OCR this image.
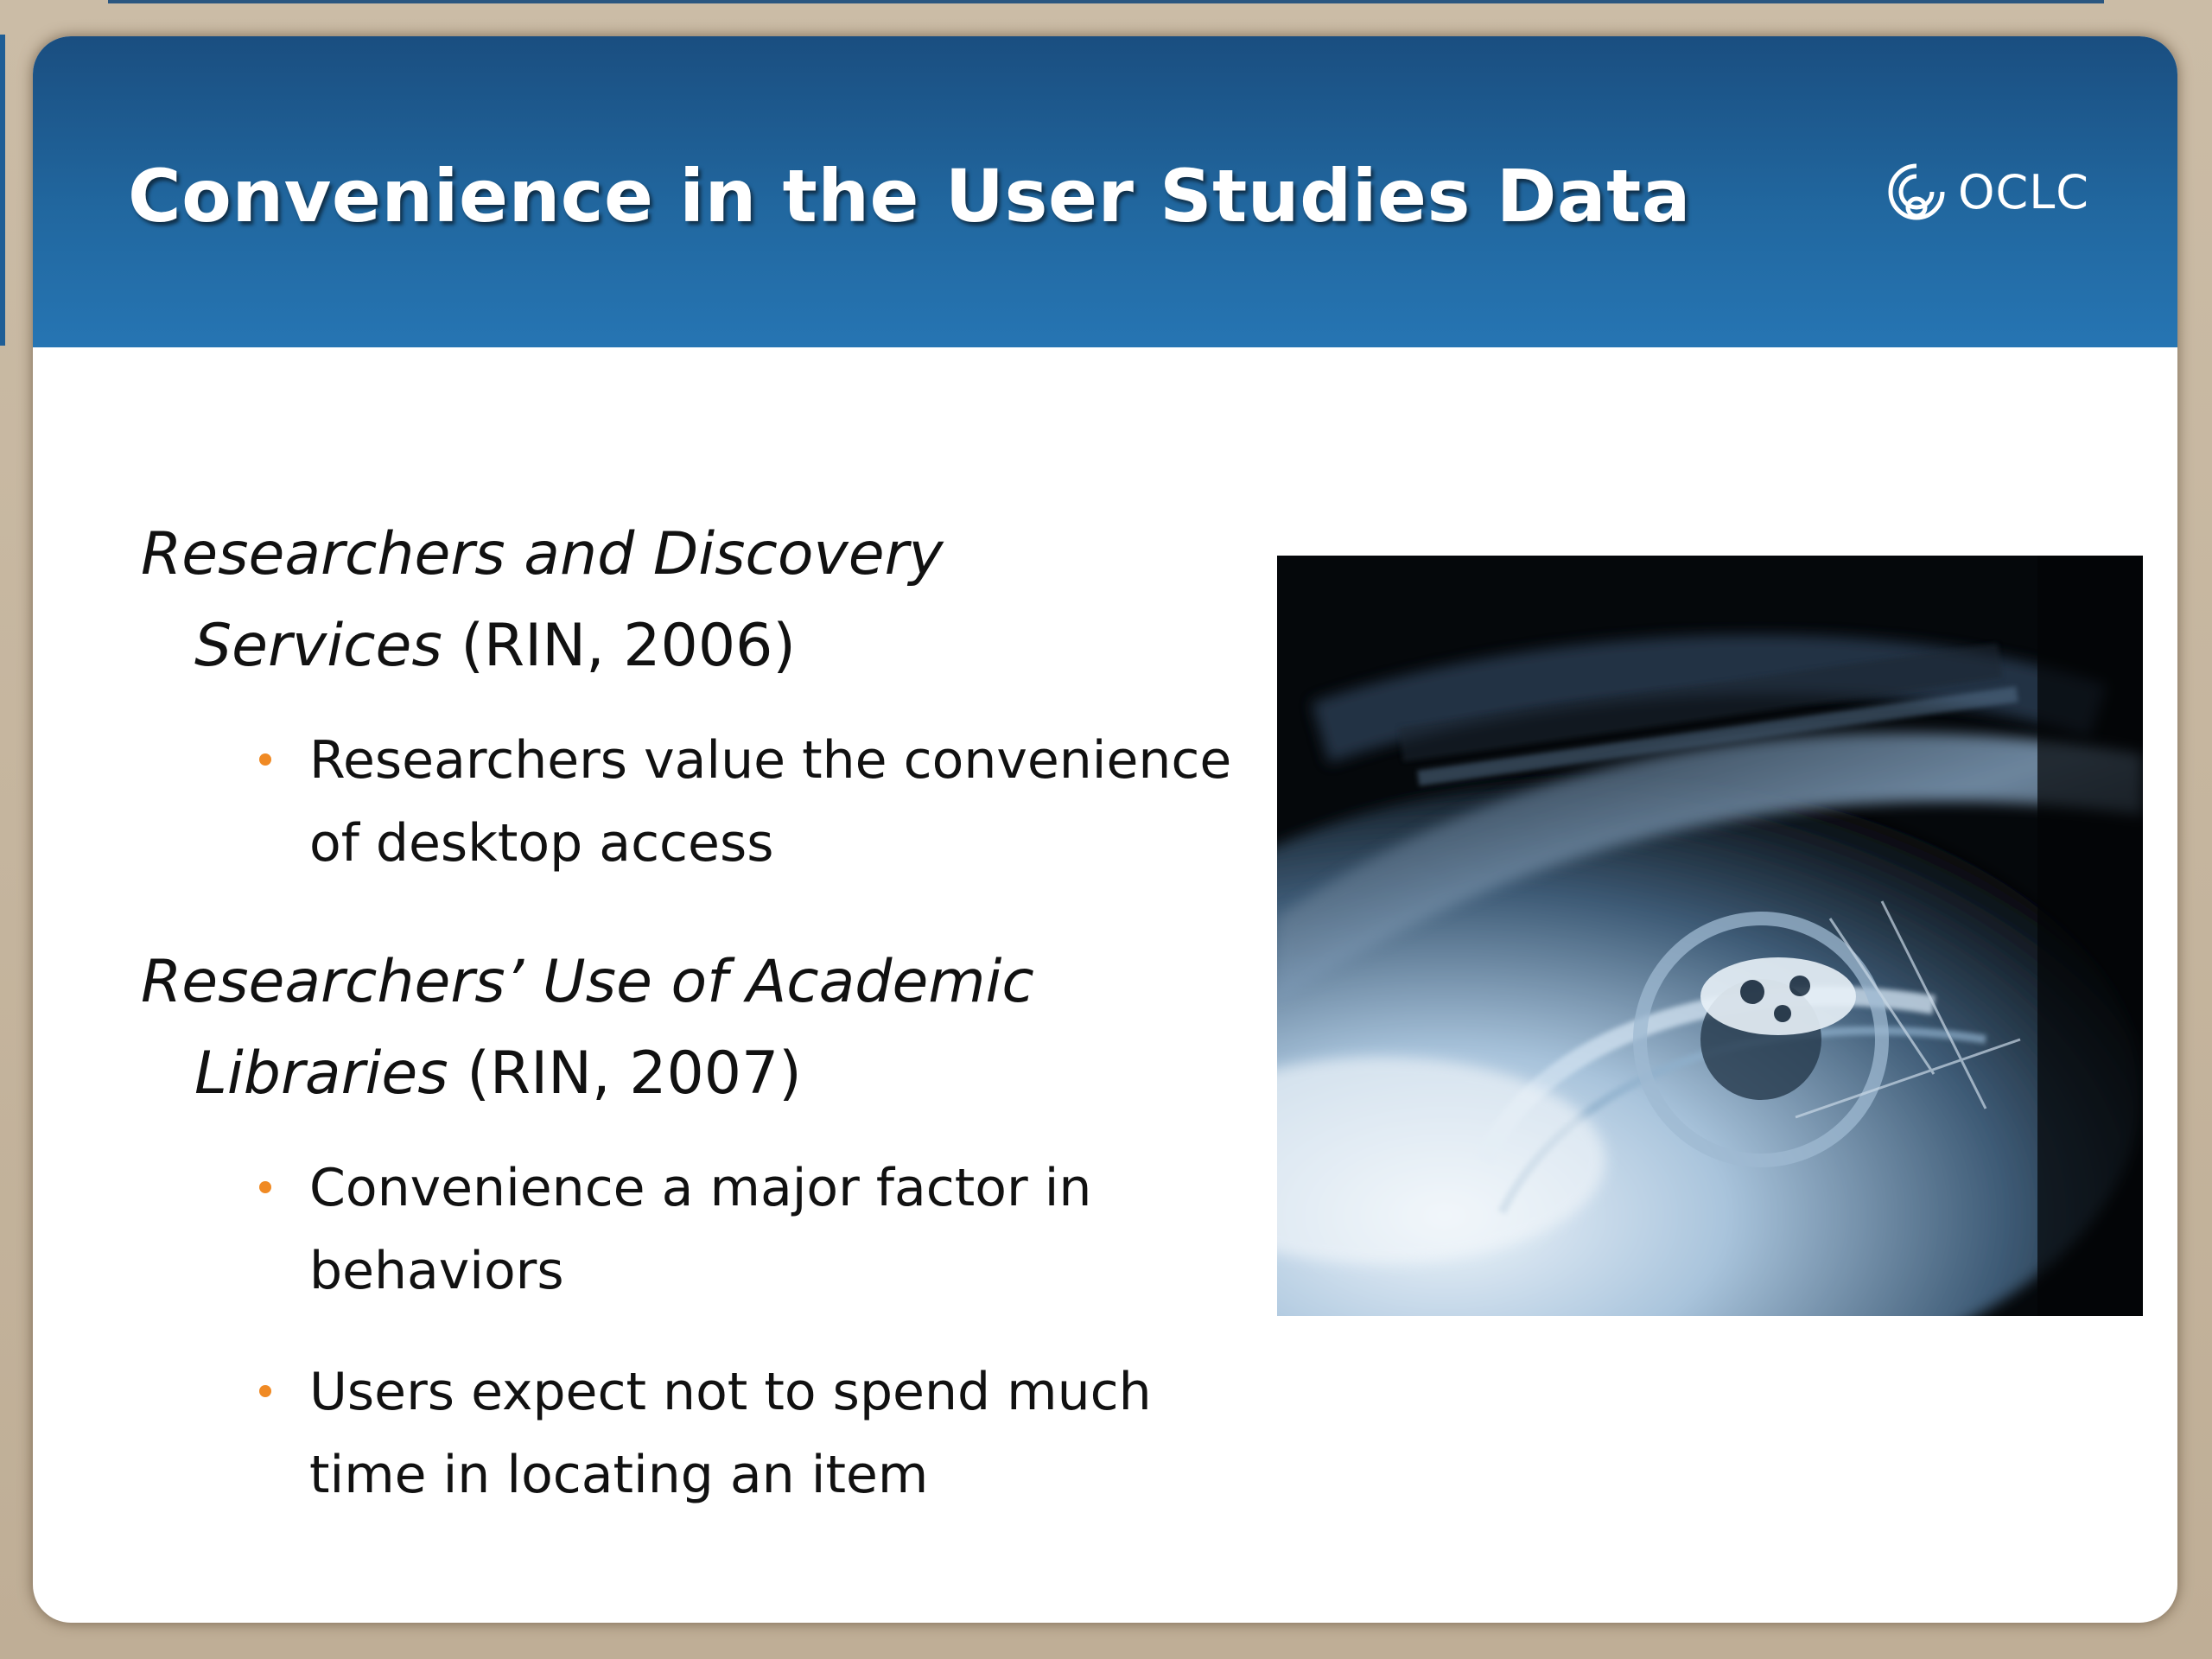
Convenience in the User Studies Data	OCLC
Researchers and Discovery
Services (RIN, 2006)
Researchers value the convenience of desktop access
Researchers’ Use of Academic
Libraries (RIN, 2007)
Convenience a major factor in behaviors
Users expect not to spend much time in locating an item
